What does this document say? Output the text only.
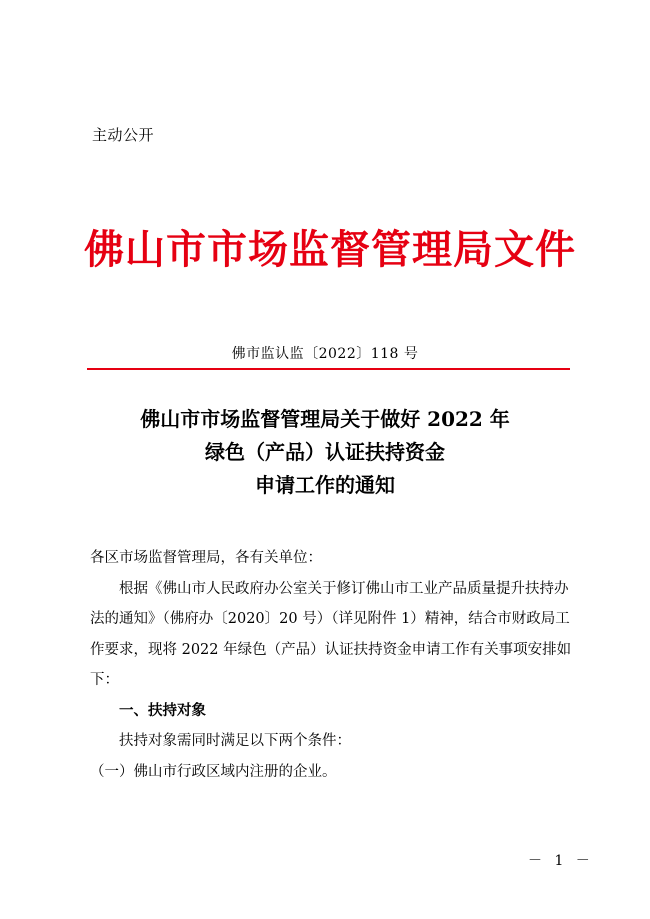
主动公开
佛山市市场监督管理局文件
佛市监认监〔2022〕118 号
佛山市市场监督管理局关于做好 2022 年
绿色（产品）认证扶持资金
申请工作的通知

各区市场监督管理局，各有关单位：

根据《佛山市人民政府办公室关于修订佛山市工业产品质量提升扶持办法的通知》（佛府办〔2020〕20 号）（详见附件 1）精神，结合市财政局工作要求，现将 2022 年绿色（产品）认证扶持资金申请工作有关事项安排如下：

一、扶持对象

扶持对象需同时满足以下两个条件：

（一）佛山市行政区域内注册的企业。

－ 1 －
